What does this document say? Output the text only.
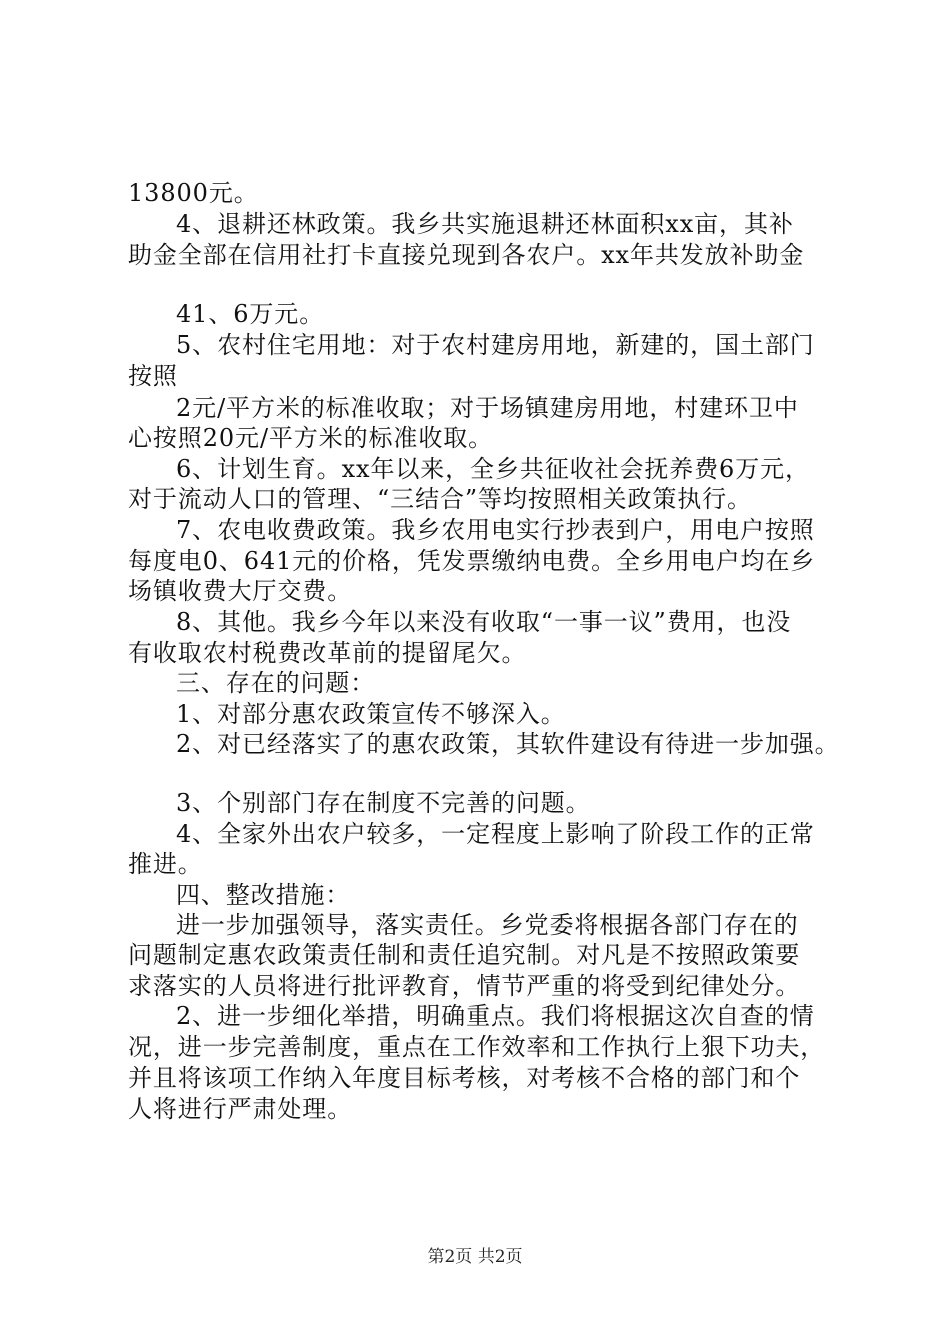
13800元。
4、退耕还林政策。我乡共实施退耕还林面积xx亩，其补
助金全部在信用社打卡直接兑现到各农户。xx年共发放补助金
41、6万元。
5、农村住宅用地：对于农村建房用地，新建的，国土部门
按照
2元/平方米的标准收取；对于场镇建房用地，村建环卫中
心按照20元/平方米的标准收取。
6、计划生育。xx年以来，全乡共征收社会抚养费6万元，
对于流动人口的管理、“三结合”等均按照相关政策执行。
7、农电收费政策。我乡农用电实行抄表到户，用电户按照
每度电0、641元的价格，凭发票缴纳电费。全乡用电户均在乡
场镇收费大厅交费。
8、其他。我乡今年以来没有收取“一事一议”费用，也没
有收取农村税费改革前的提留尾欠。
三、存在的问题：
1、对部分惠农政策宣传不够深入。
2、对已经落实了的惠农政策，其软件建设有待进一步加强。
3、个别部门存在制度不完善的问题。
4、全家外出农户较多，一定程度上影响了阶段工作的正常
推进。
四、整改措施：
进一步加强领导，落实责任。乡党委将根据各部门存在的
问题制定惠农政策责任制和责任追究制。对凡是不按照政策要
求落实的人员将进行批评教育，情节严重的将受到纪律处分。
2、进一步细化举措，明确重点。我们将根据这次自查的情
况，进一步完善制度，重点在工作效率和工作执行上狠下功夫，
并且将该项工作纳入年度目标考核，对考核不合格的部门和个
人将进行严肃处理。
第2页 共2页
